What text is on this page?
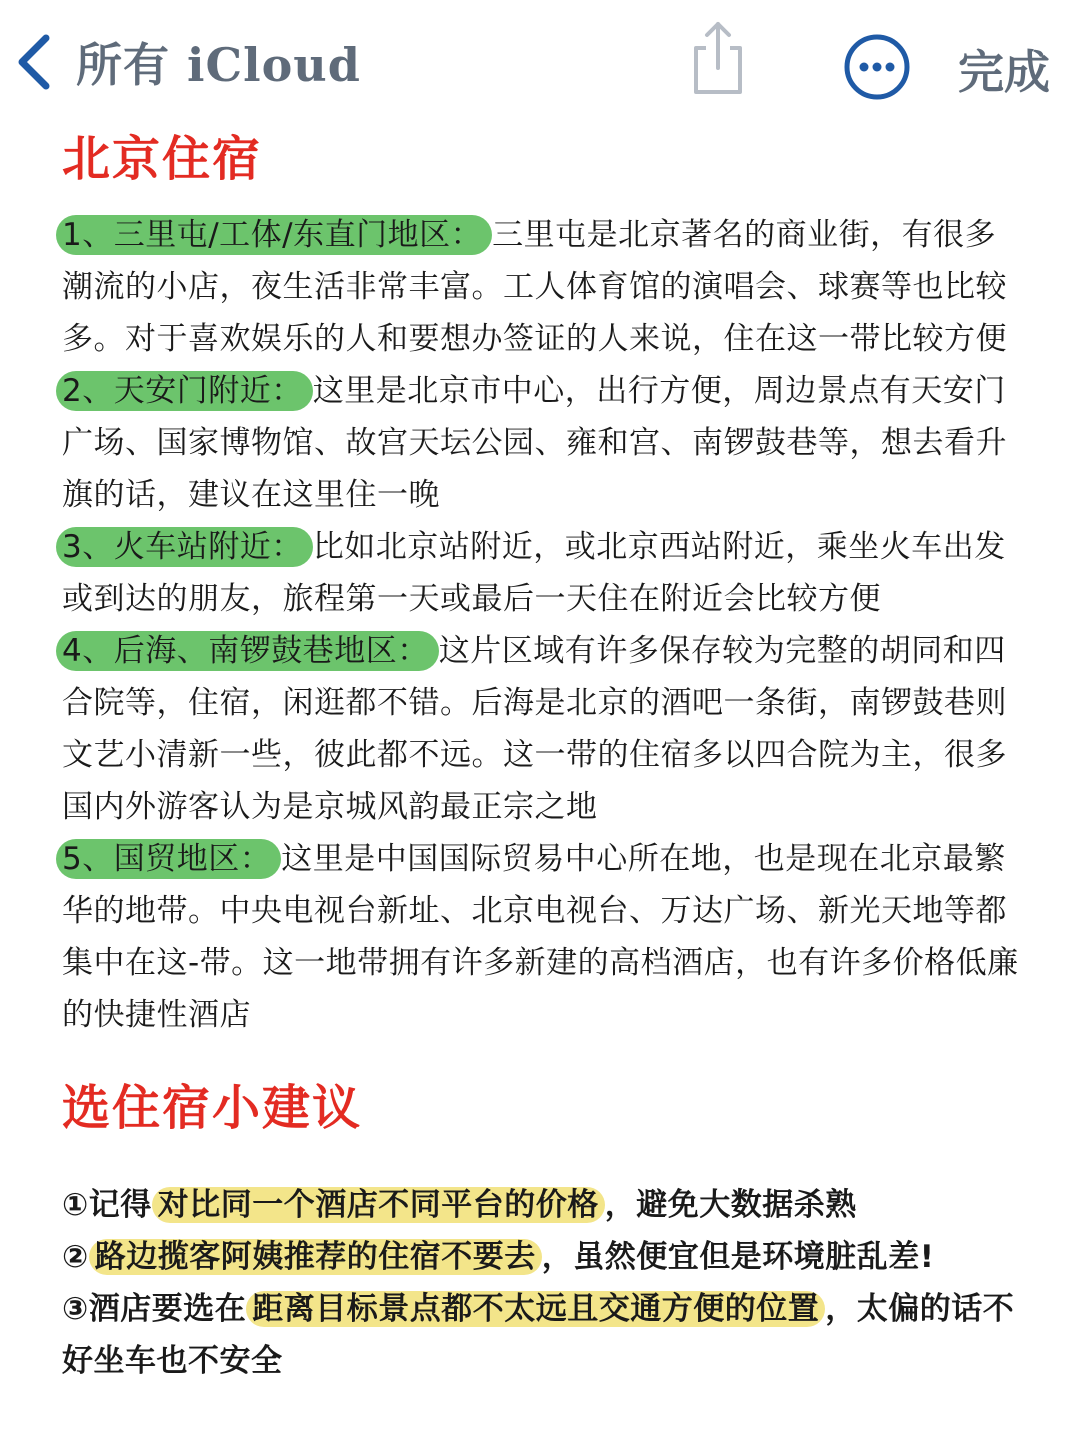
所有 iCloud	完成
北京住宿

1、三里屯/工体/东直门地区： 三里屯是北京著名的商业街，有很多潮流的小店，夜生活非常丰富。工人体育馆的演唱会、球赛等也比较多。对于喜欢娱乐的人和要想办签证的人来说，住在这一带比较方便

2、天安门附近： 这里是北京市中心，出行方便，周边景点有天安门广场、国家博物馆、故宫天坛公园、雍和宫、南锣鼓巷等，想去看升旗的话，建议在这里住一晚

3、火车站附近： 比如北京站附近，或北京西站附近，乘坐火车出发或到达的朋友，旅程第一天或最后一天住在附近会比较方便

4、后海、南锣鼓巷地区： 这片区域有许多保存较为完整的胡同和四合院等，住宿，闲逛都不错。后海是北京的酒吧一条街，南锣鼓巷则文艺小清新一些，彼此都不远。这一带的住宿多以四合院为主，很多国内外游客认为是京城风韵最正宗之地

5、国贸地区： 这里是中国国际贸易中心所在地，也是现在北京最繁华的地带。中央电视台新址、北京电视台、万达广场、新光天地等都集中在这-带。这一地带拥有许多新建的高档酒店，也有许多价格低廉的快捷性酒店

选住宿小建议

①记得 对比同一个酒店不同平台的价格 ，避免大数据杀熟

② 路边揽客阿姨推荐的住宿不要去 ，虽然便宜但是环境脏乱差!

③酒店要选在 距离目标景点都不太远且交通方便的位置 ，太偏的话不好坐车也不安全
